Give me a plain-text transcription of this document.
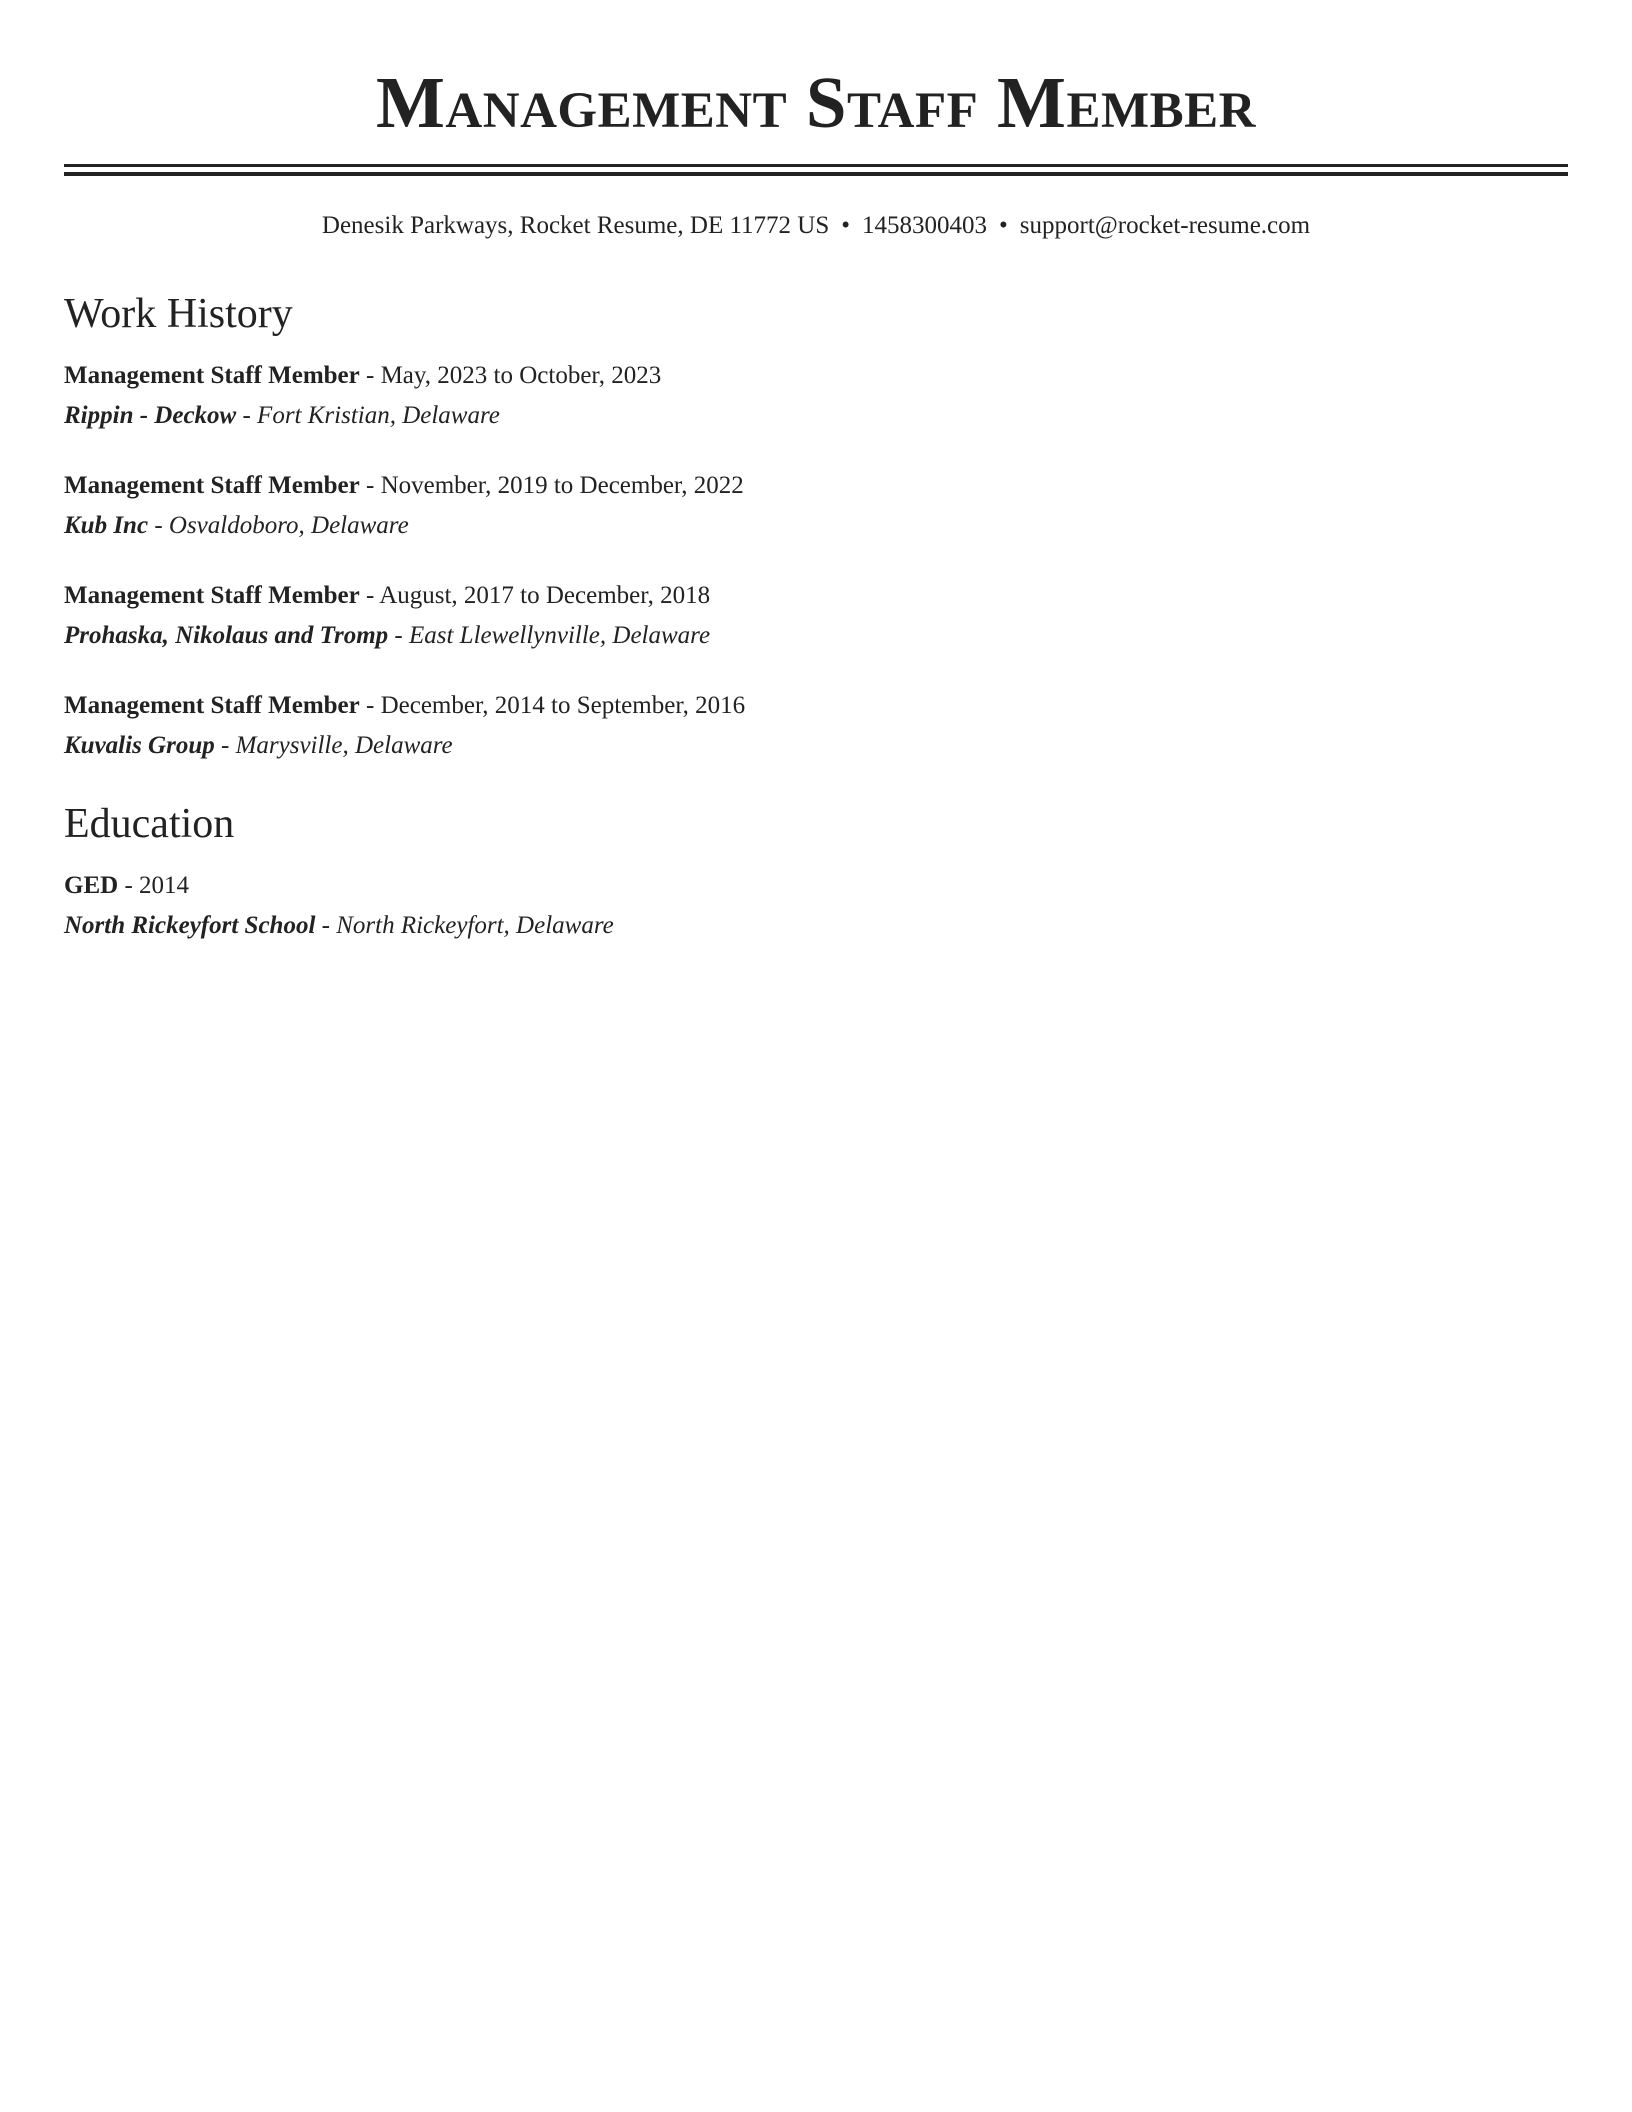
Management Staff Member
Denesik Parkways, Rocket Resume, DE 11772 US • 1458300403 • support@rocket-resume.com
Work History
Management Staff Member - May, 2023 to October, 2023
Rippin - Deckow - Fort Kristian, Delaware
Management Staff Member - November, 2019 to December, 2022
Kub Inc - Osvaldoboro, Delaware
Management Staff Member - August, 2017 to December, 2018
Prohaska, Nikolaus and Tromp - East Llewellynville, Delaware
Management Staff Member - December, 2014 to September, 2016
Kuvalis Group - Marysville, Delaware
Education
GED - 2014
North Rickeyfort School - North Rickeyfort, Delaware
